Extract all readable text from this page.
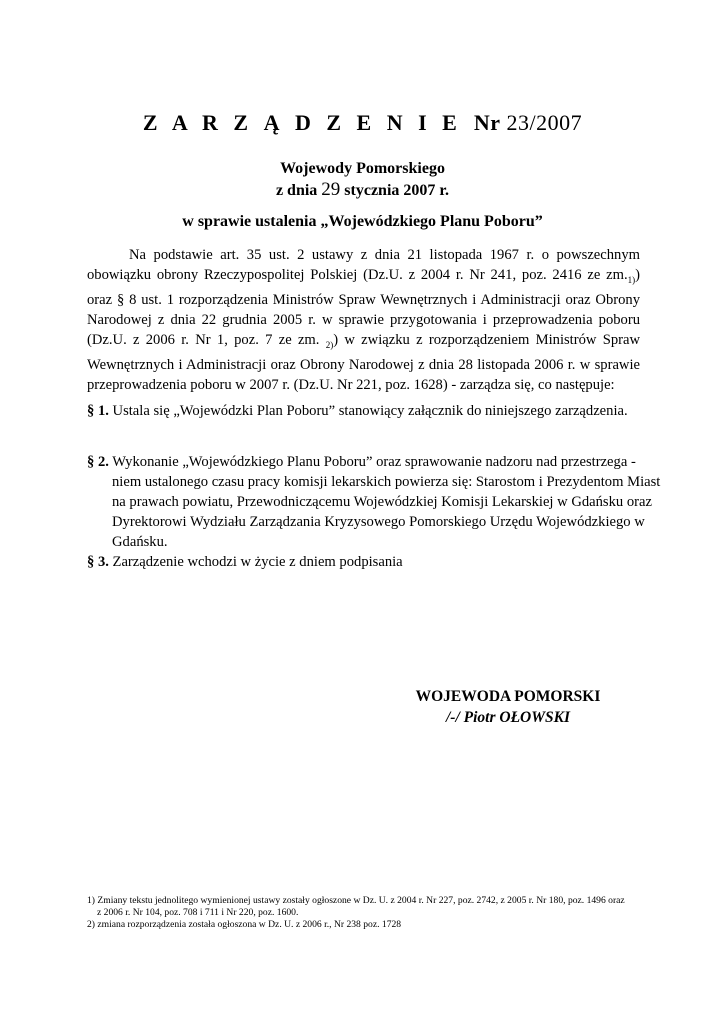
Z A R Z Ą D Z E N I E Nr 23/2007
Wojewody Pomorskiego
z dnia 29 stycznia 2007 r.
w sprawie ustalenia „Wojewódzkiego Planu Poboru”
Na podstawie art. 35 ust. 2 ustawy z dnia 21 listopada 1967 r. o powszechnym obowiązku obrony Rzeczypospolitej Polskiej (Dz.U. z 2004 r. Nr 241, poz. 2416 ze $zm._{1)}$) oraz § 8 ust. 1 rozporządzenia Ministrów Spraw Wewnętrznych i Administracji oraz Obrony Narodowej z dnia 22 grudnia 2005 r. w sprawie przygotowania i przeprowadzenia poboru (Dz.U. z 2006 r. Nr 1, poz. 7 ze zm. $_{2)}$) w związku z rozporządzeniem Ministrów Spraw Wewnętrznych i Administracji oraz Obrony Narodowej z dnia 28 listopada 2006 r. w sprawie przeprowadzenia poboru w 2007 r. (Dz.U. Nr 221, poz. 1628) - zarządza się, co następuje:
§ 1. Ustala się „Wojewódzki Plan Poboru” stanowiący załącznik do niniejszego zarządzenia.
§ 2. Wykonanie „Wojewódzkiego Planu Poboru” oraz sprawowanie nadzoru nad przestrzega - niem ustalonego czasu pracy komisji lekarskich powierza się: Starostom i Prezydentom Miast na prawach powiatu, Przewodniczącemu Wojewódzkiej Komisji Lekarskiej w Gdańsku oraz Dyrektorowi Wydziału Zarządzania Kryzysowego Pomorskiego Urzędu Wojewódzkiego w Gdańsku.
§ 3. Zarządzenie wchodzi w życie z dniem podpisania
WOJEWODA POMORSKI
/-/ Piotr OŁOWSKI
1) Zmiany tekstu jednolitego wymienionej ustawy zostały ogłoszone w Dz. U. z 2004 r. Nr 227, poz. 2742, z 2005 r. Nr 180, poz. 1496 oraz
z 2006 r. Nr 104, poz. 708 i 711 i Nr 220, poz. 1600.
2) zmiana rozporządzenia została ogłoszona w Dz. U. z 2006 r., Nr 238 poz. 1728
